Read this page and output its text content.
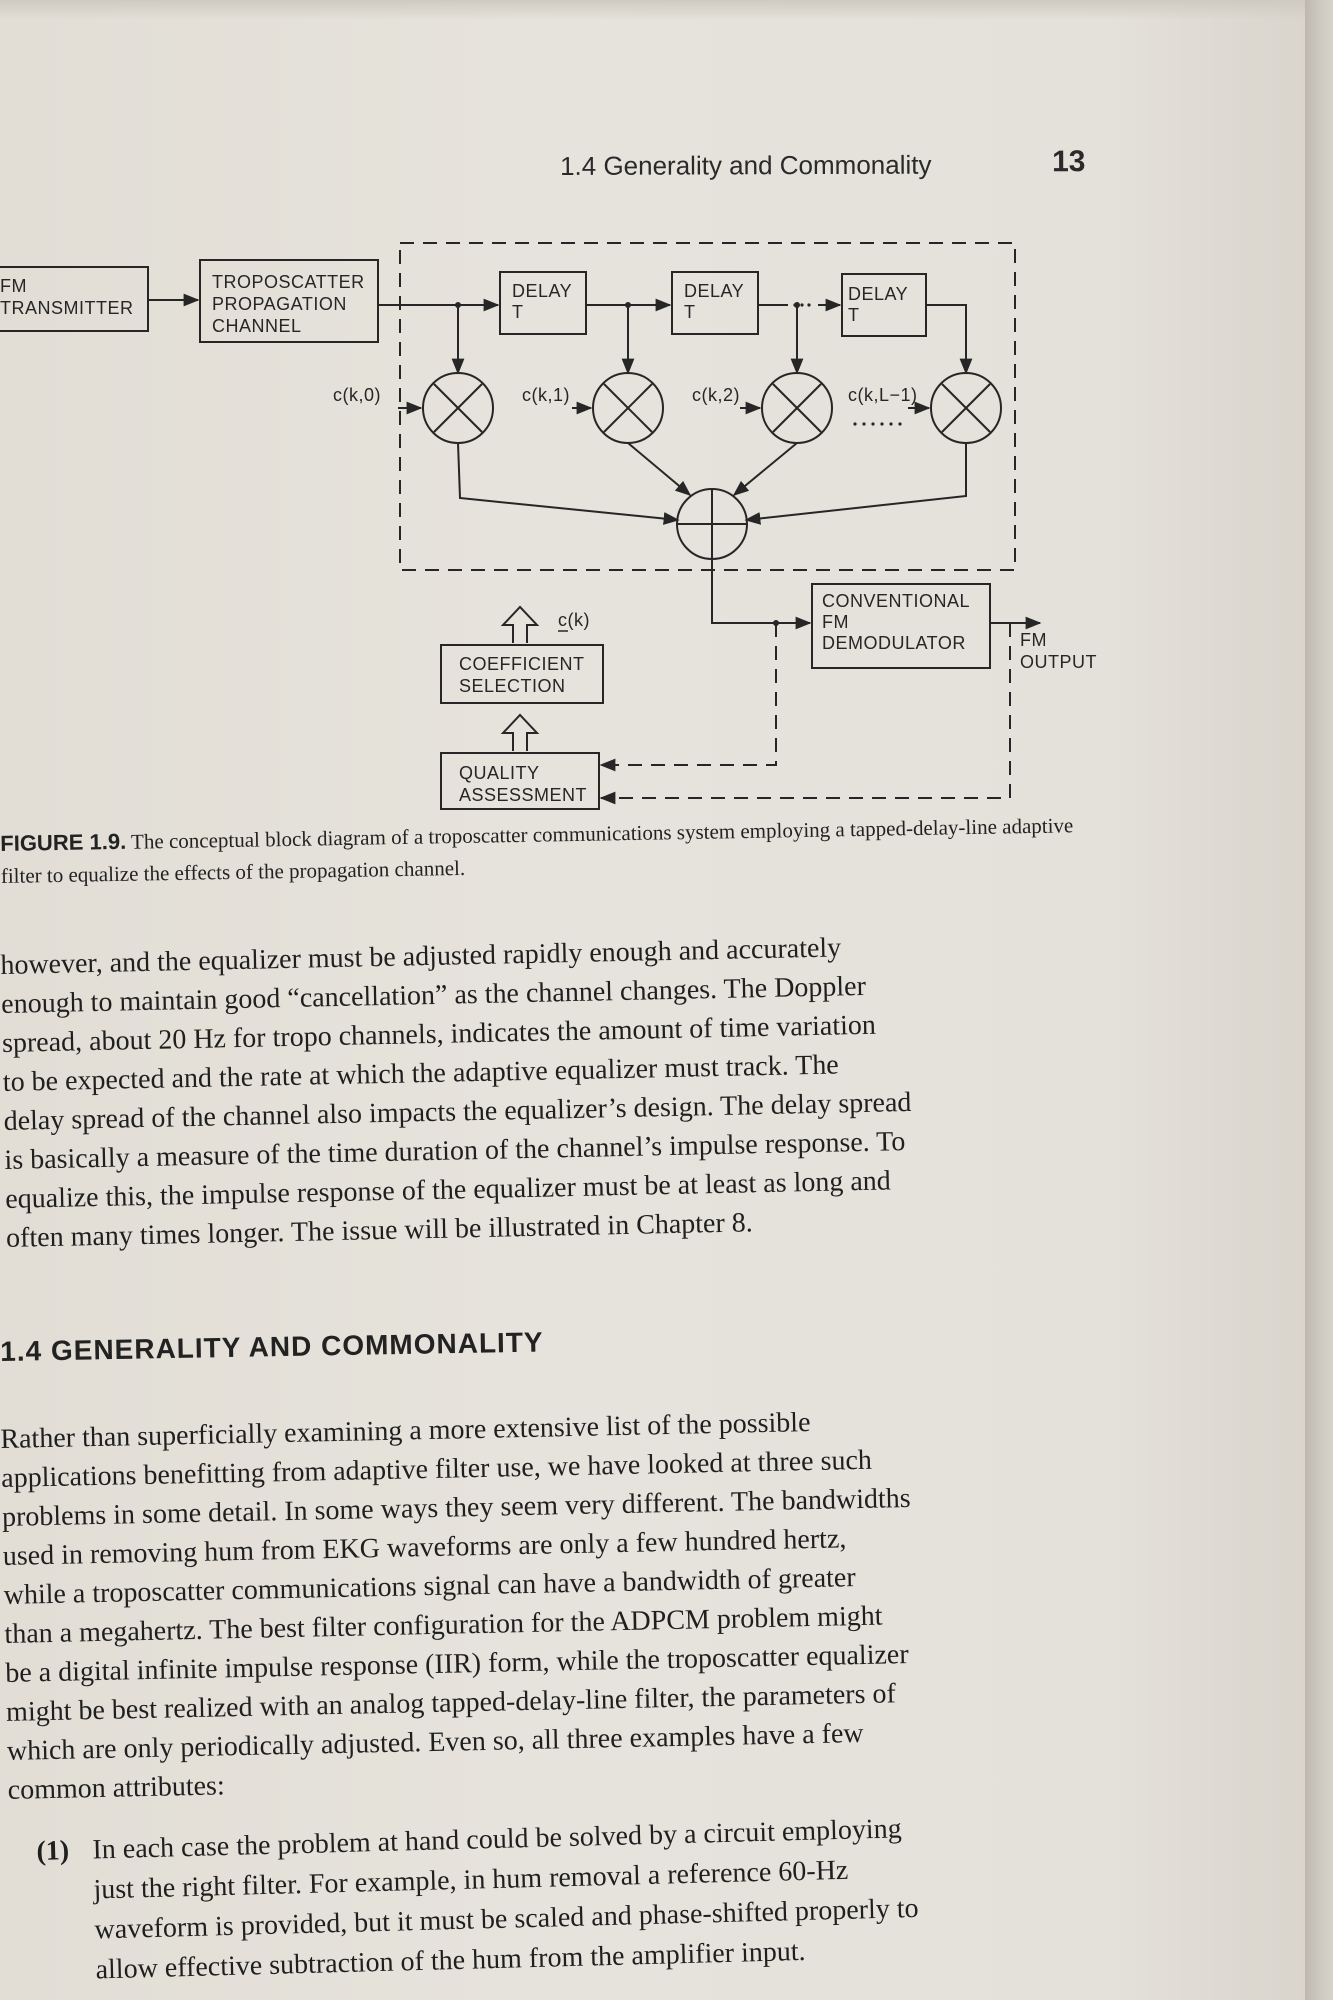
1.4 Generality and Commonality	13
FM
TRANSMITTER
TROPOSCATTER
PROPAGATION
CHANNEL
DELAY
T
DELAY
T
DELAY
T
c(k,0)	c(k,1)	c(k,2)	c(k,L−1)
c(k)
COEFFICIENT
SELECTION
QUALITY
ASSESSMENT
CONVENTIONAL
FM
DEMODULATOR	FM
OUTPUT
FIGURE 1.9. The conceptual block diagram of a troposcatter communications system employing a tapped-delay-line adaptive filter to equalize the effects of the propagation channel.
however, and the equalizer must be adjusted rapidly enough and accurately
enough to maintain good “cancellation” as the channel changes. The Doppler
spread, about 20 Hz for tropo channels, indicates the amount of time variation
to be expected and the rate at which the adaptive equalizer must track. The
delay spread of the channel also impacts the equalizer’s design. The delay spread
is basically a measure of the time duration of the channel’s impulse response. To
equalize this, the impulse response of the equalizer must be at least as long and
often many times longer. The issue will be illustrated in Chapter 8.
1.4 GENERALITY AND COMMONALITY
Rather than superficially examining a more extensive list of the possible
applications benefitting from adaptive filter use, we have looked at three such
problems in some detail. In some ways they seem very different. The bandwidths
used in removing hum from EKG waveforms are only a few hundred hertz,
while a troposcatter communications signal can have a bandwidth of greater
than a megahertz. The best filter configuration for the ADPCM problem might
be a digital infinite impulse response (IIR) form, while the troposcatter equalizer
might be best realized with an analog tapped-delay-line filter, the parameters of
which are only periodically adjusted. Even so, all three examples have a few
common attributes:
(1) In each case the problem at hand could be solved by a circuit employing
just the right filter. For example, in hum removal a reference 60-Hz
waveform is provided, but it must be scaled and phase-shifted properly to
allow effective subtraction of the hum from the amplifier input.
